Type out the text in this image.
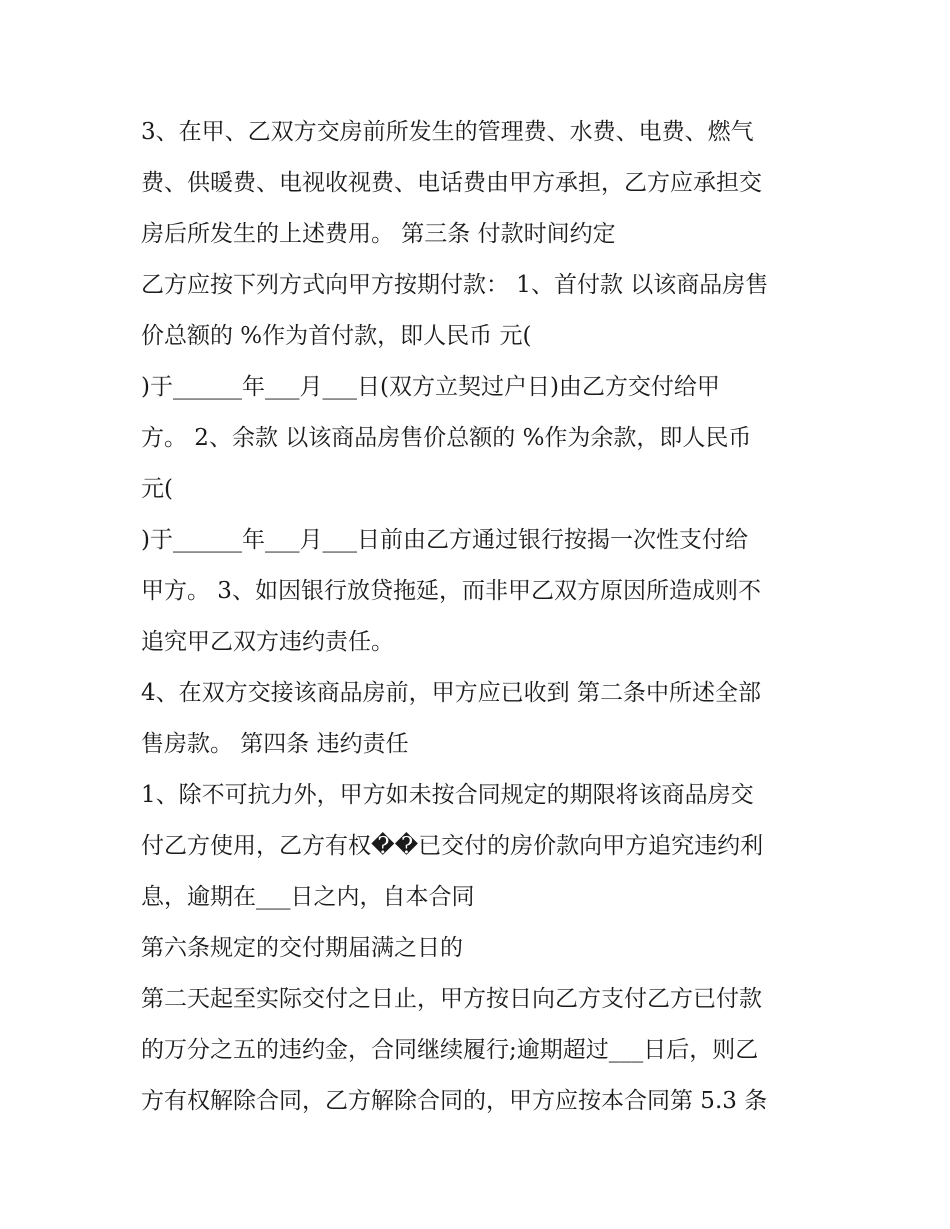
3、在甲、乙双方交房前所发生的管理费、水费、电费、燃气
费、供暖费、电视收视费、电话费由甲方承担，乙方应承担交
房后所发生的上述费用。 第三条 付款时间约定
乙方应按下列方式向甲方按期付款： 1、首付款 以该商品房售
价总额的 %作为首付款，即人民币 元(
)于______年___月___日(双方立契过户日)由乙方交付给甲
方。 2、余款 以该商品房售价总额的 %作为余款，即人民币
元(
)于______年___月___日前由乙方通过银行按揭一次性支付给
甲方。 3、如因银行放贷拖延，而非甲乙双方原因所造成则不
追究甲乙双方违约责任。
4、在双方交接该商品房前，甲方应已收到 第二条中所述全部
售房款。 第四条 违约责任
1、除不可抗力外，甲方如未按合同规定的期限将该商品房交
付乙方使用，乙方有权��已交付的房价款向甲方追究违约利
息，逾期在___日之内，自本合同
第六条规定的交付期届满之日的
第二天起至实际交付之日止，甲方按日向乙方支付乙方已付款
的万分之五的违约金，合同继续履行;逾期超过___日后，则乙
方有权解除合同，乙方解除合同的，甲方应按本合同第 5.3 条
